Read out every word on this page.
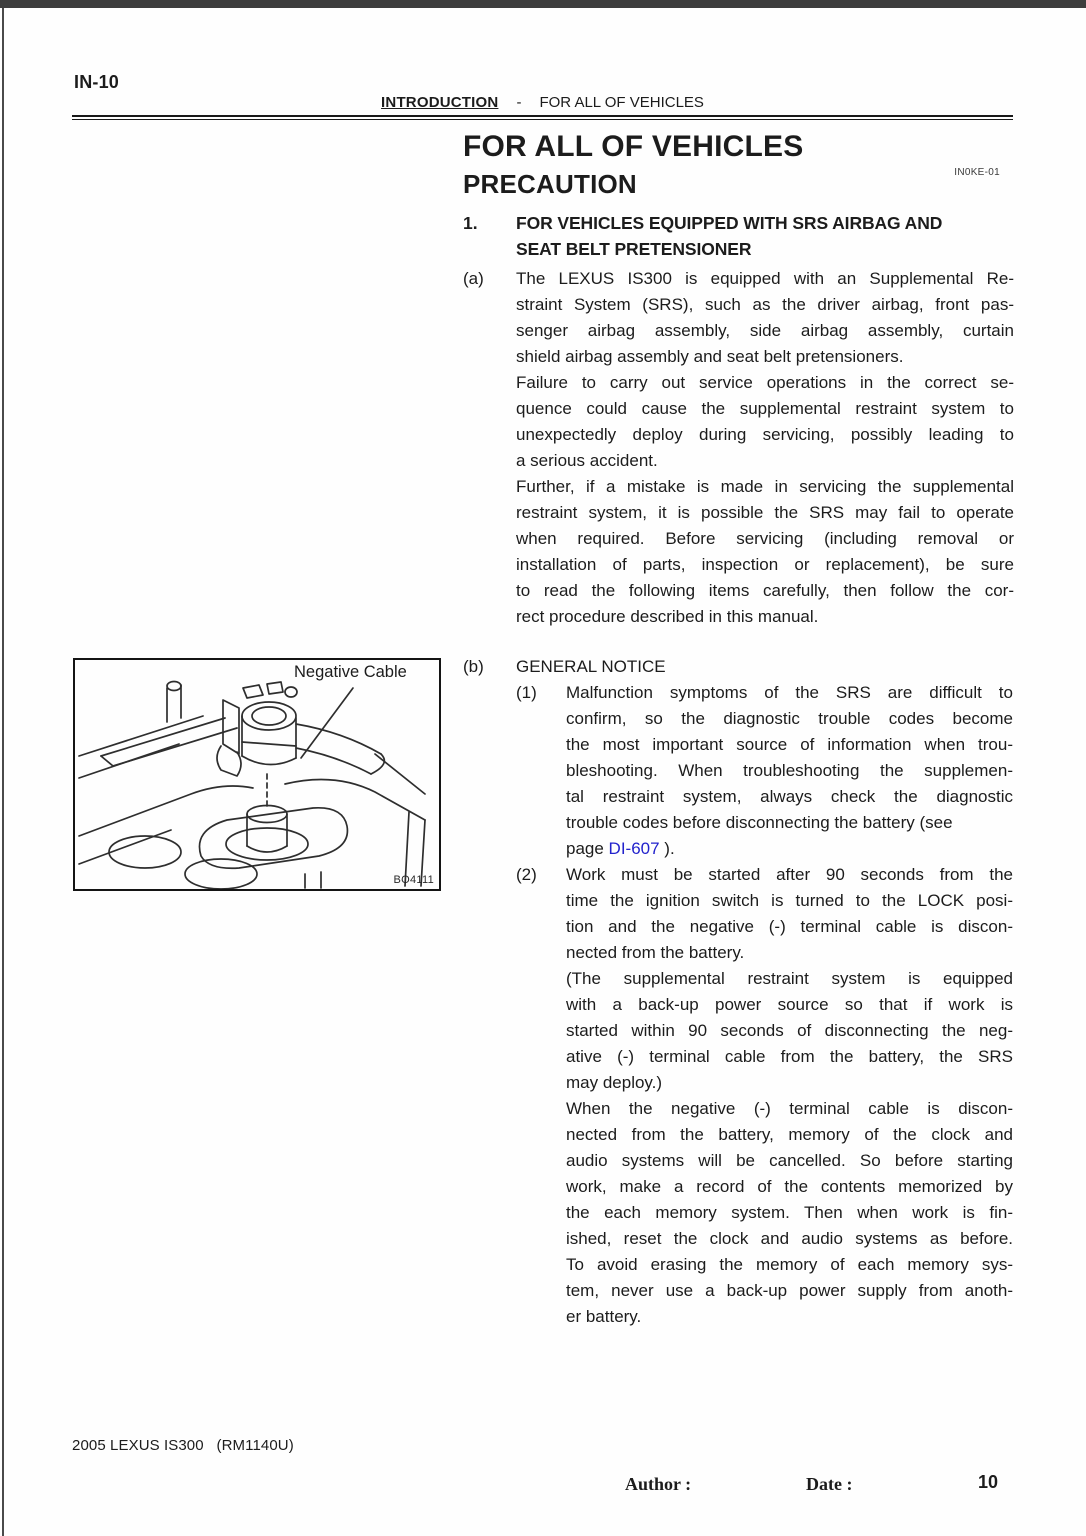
IN-10
INTRODUCTION - FOR ALL OF VEHICLES
FOR ALL OF VEHICLES
PRECAUTION	IN0KE-01
1.	FOR VEHICLES EQUIPPED WITH SRS AIRBAG AND
SEAT BELT PRETENSIONER
(a)	The LEXUS IS300 is equipped with an Supplemental Re-
straint System (SRS), such as the driver airbag, front pas-
senger airbag assembly, side airbag assembly, curtain
shield airbag assembly and seat belt pretensioners.
Failure to carry out service operations in the correct se-
quence could cause the supplemental restraint system to
unexpectedly deploy during servicing, possibly leading to
a serious accident.
Further, if a mistake is made in servicing the supplemental
restraint system, it is possible the SRS may fail to operate
when required. Before servicing (including removal or
installation of parts, inspection or replacement), be sure
to read the following items carefully, then follow the cor-
rect procedure described in this manual.
Negative Cable
BO4111
(b)	GENERAL NOTICE
(1)	Malfunction symptoms of the SRS are difficult to
confirm, so the diagnostic trouble codes become
the most important source of information when trou-
bleshooting. When troubleshooting the supplemen-
tal restraint system, always check the diagnostic
trouble codes before disconnecting the battery (see
page DI-607 ).
(2)	Work must be started after 90 seconds from the
time the ignition switch is turned to the LOCK posi-
tion and the negative (-) terminal cable is discon-
nected from the battery.
(The supplemental restraint system is equipped
with a back-up power source so that if work is
started within 90 seconds of disconnecting the neg-
ative (-) terminal cable from the battery, the SRS
may deploy.)
When the negative (-) terminal cable is discon-
nected from the battery, memory of the clock and
audio systems will be cancelled. So before starting
work, make a record of the contents memorized by
the each memory system. Then when work is fin-
ished, reset the clock and audio systems as before.
To avoid erasing the memory of each memory sys-
tem, never use a back-up power supply from anoth-
er battery.
2005 LEXUS IS300   (RM1140U)
Author :	Date :	10
